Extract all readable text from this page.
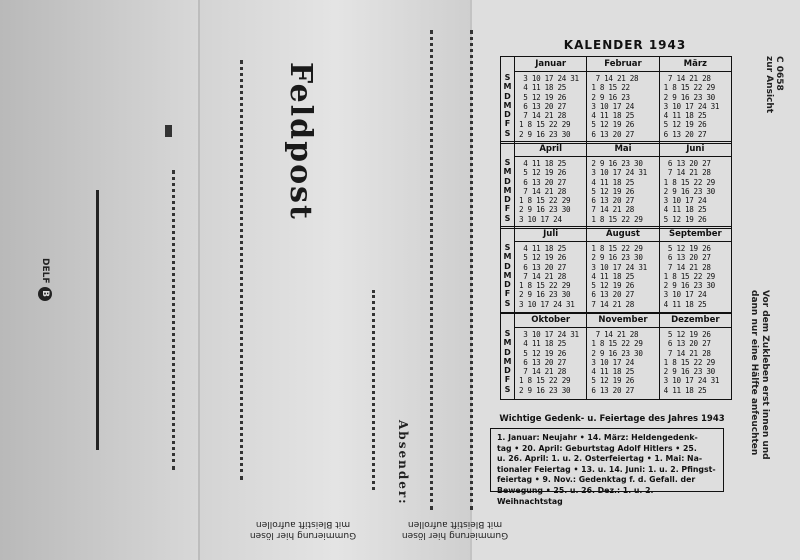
DELF
B
Feldpost
Absender:
Gummierung hier lösen
mit Bleistift aufrollen
Gummierung hier lösen
mit Bleistift aufrollen
KALENDER 1943
S
M
D
M
D
F
S
Januar
3 10 17 24 31
4 11 18 25
5 12 19 26
6 13 20 27
7 14 21 28
1 8 15 22 29
2 9 16 23 30
Februar
7 14 21 28
1 8 15 22
2 9 16 23
3 10 17 24
4 11 18 25
5 12 19 26
6 13 20 27
März
7 14 21 28
1 8 15 22 29
2 9 16 23 30
3 10 17 24 31
4 11 18 25
5 12 19 26
6 13 20 27
S
M
D
M
D
F
S
April
4 11 18 25
5 12 19 26
6 13 20 27
7 14 21 28
1 8 15 22 29
2 9 16 23 30
3 10 17 24
Mai
2 9 16 23 30
3 10 17 24 31
4 11 18 25
5 12 19 26
6 13 20 27
7 14 21 28
1 8 15 22 29
Juni
6 13 20 27
7 14 21 28
1 8 15 22 29
2 9 16 23 30
3 10 17 24
4 11 18 25
5 12 19 26
S
M
D
M
D
F
S
Juli
4 11 18 25
5 12 19 26
6 13 20 27
7 14 21 28
1 8 15 22 29
2 9 16 23 30
3 10 17 24 31
August
1 8 15 22 29
2 9 16 23 30
3 10 17 24 31
4 11 18 25
5 12 19 26
6 13 20 27
7 14 21 28
September
5 12 19 26
6 13 20 27
7 14 21 28
1 8 15 22 29
2 9 16 23 30
3 10 17 24
4 11 18 25
S
M
D
M
D
F
S
Oktober
3 10 17 24 31
4 11 18 25
5 12 19 26
6 13 20 27
7 14 21 28
1 8 15 22 29
2 9 16 23 30
November
7 14 21 28
1 8 15 22 29
2 9 16 23 30
3 10 17 24
4 11 18 25
5 12 19 26
6 13 20 27
Dezember
5 12 19 26
6 13 20 27
7 14 21 28
1 8 15 22 29
2 9 16 23 30
3 10 17 24 31
4 11 18 25
Wichtige Gedenk- u. Feiertage des Jahres 1943
1. Januar: Neujahr • 14. März: Heldengedenk-
tag • 20. April: Geburtstag Adolf Hitlers • 25.
u. 26. April: 1. u. 2. Osterfeiertag • 1. Mai: Na-
tionaler Feiertag • 13. u. 14. Juni: 1. u. 2. Pfingst-
feiertag • 9. Nov.: Gedenktag f. d. Gefall. der
Bewegung • 25. u. 26. Dez.: 1. u. 2. Weihnachtstag
Vor dem Zukleben erst innen und
dann nur eine Hälfte anfeuchten
C 0658
zur Ansicht
